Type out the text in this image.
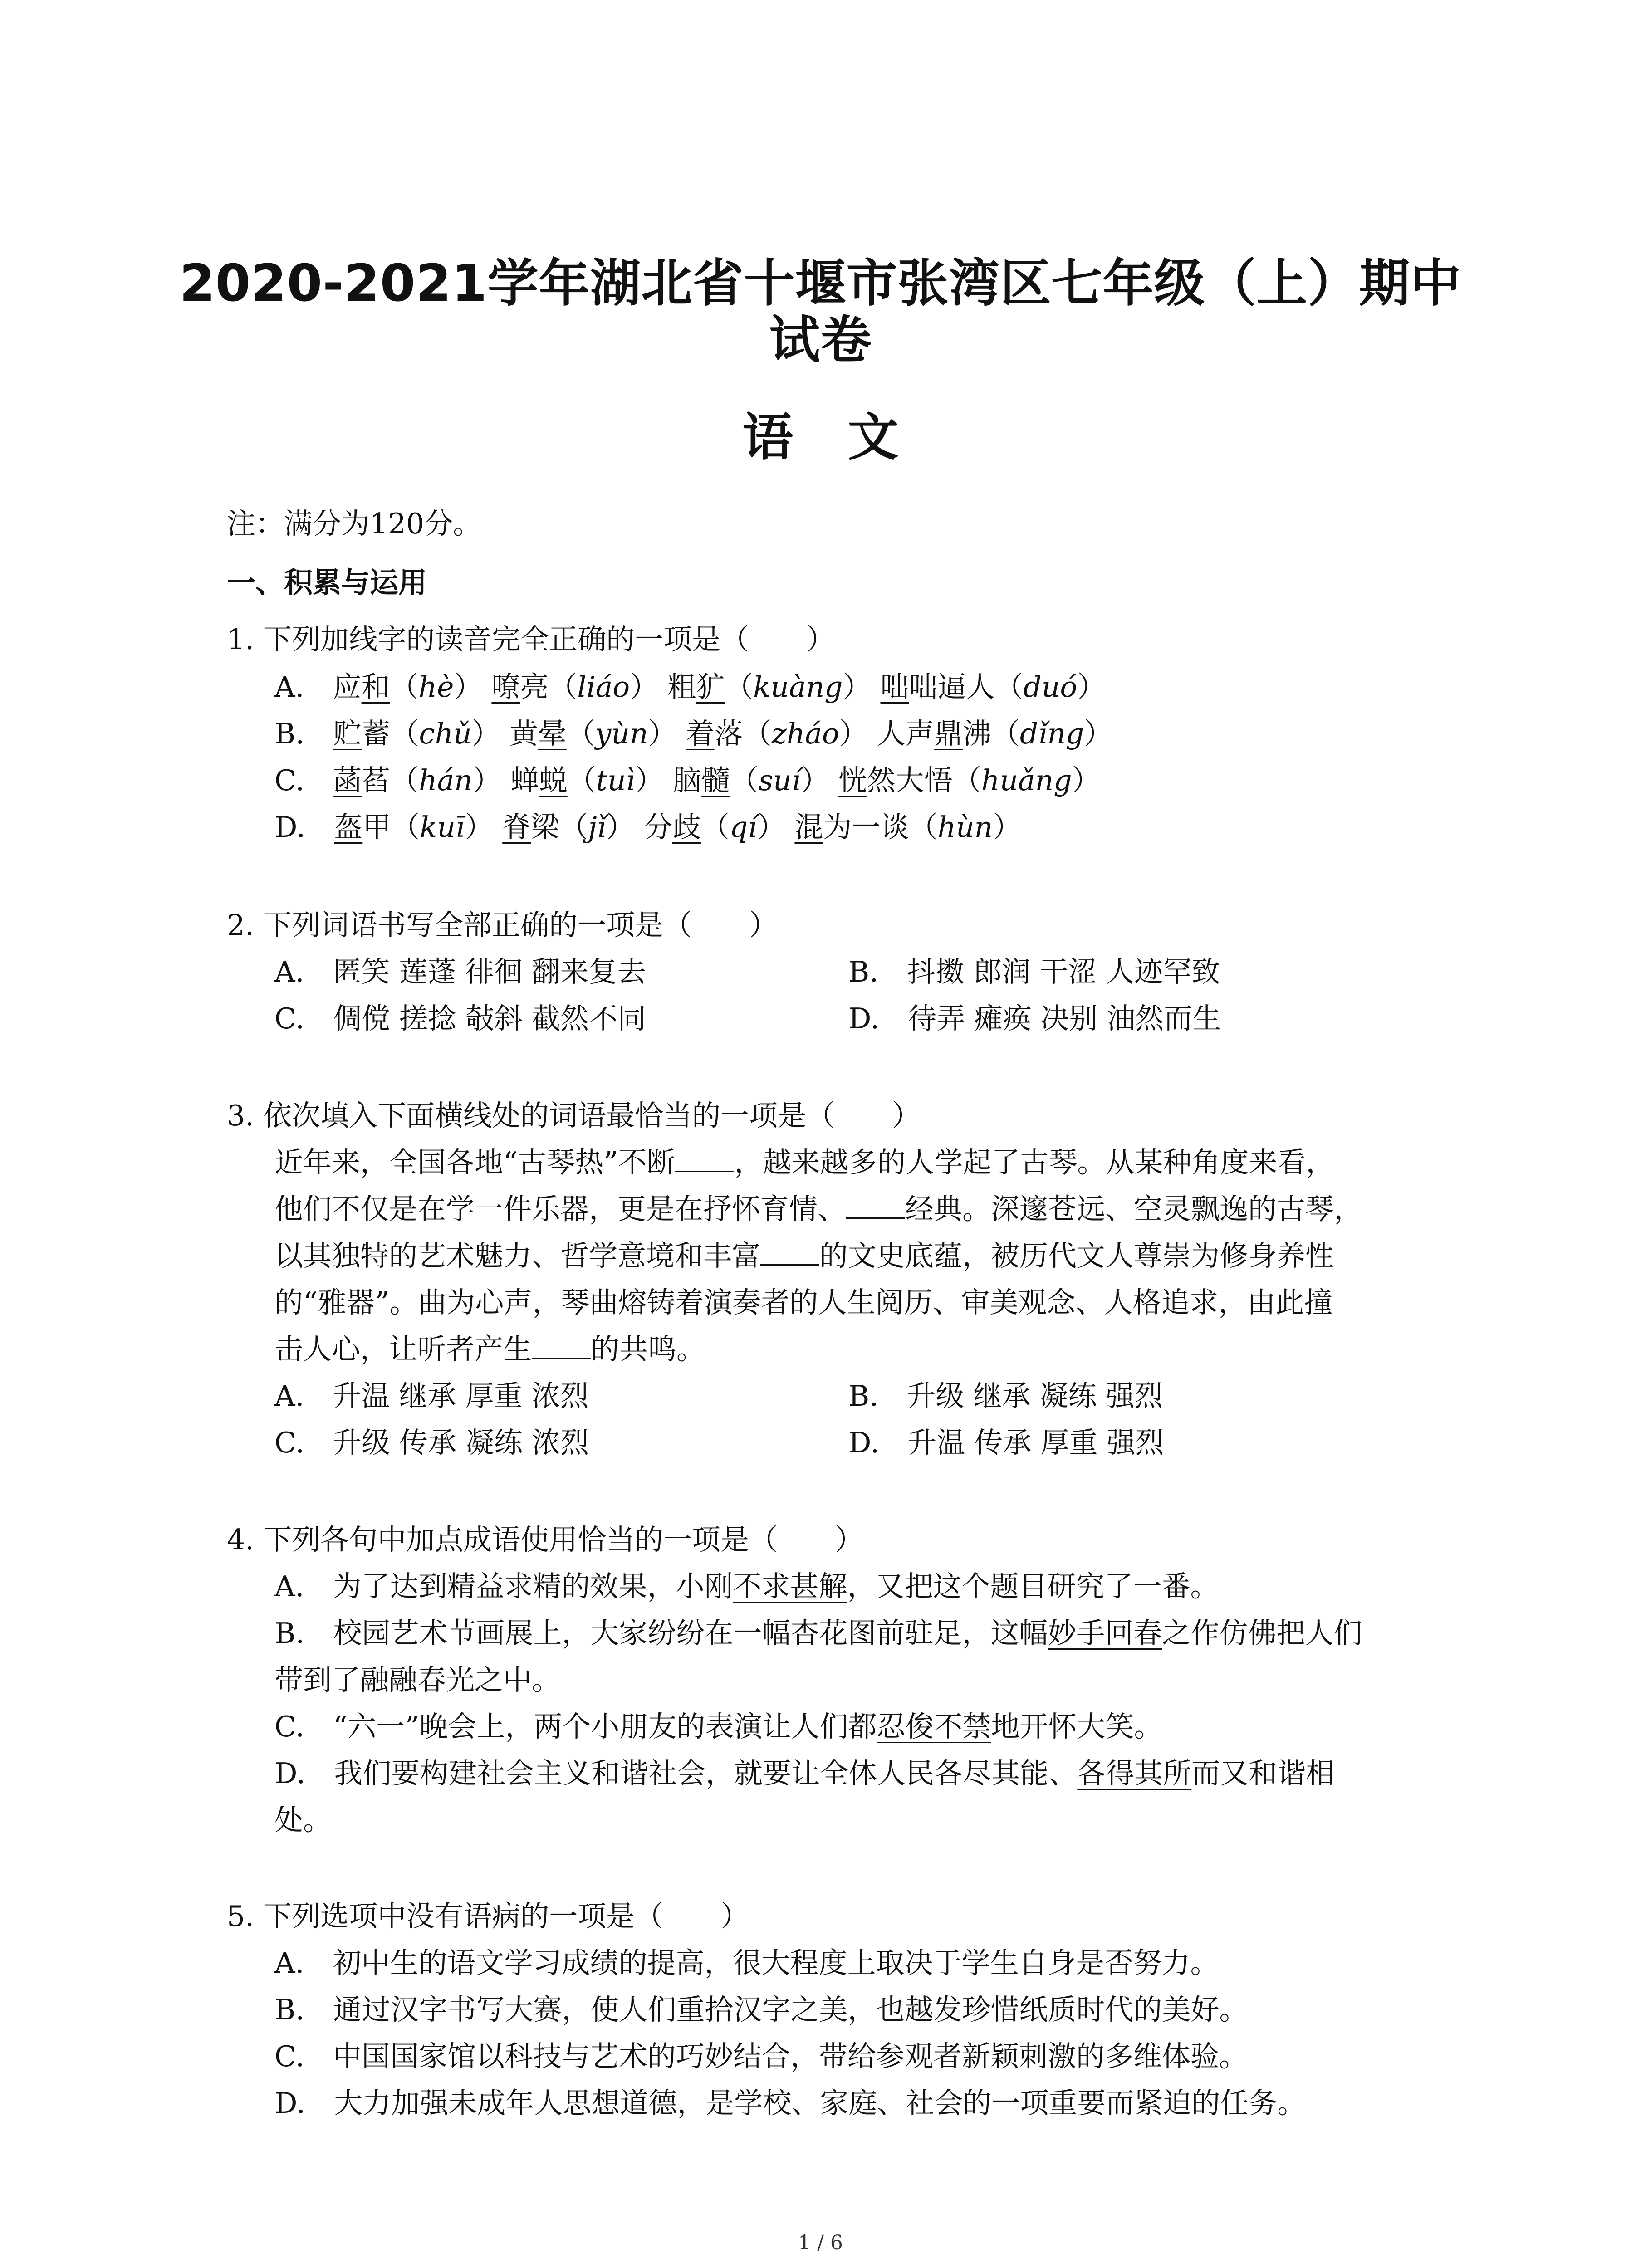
2020-2021学年湖北省十堰市张湾区七年级（上）期中
试卷
语文
注：满分为120分。
一、积累与运用
1. 下列加线字的读音完全正确的一项是（　　）
A.　应和（hè） 嘹亮（liáo） 粗犷（kuàng） 咄咄逼人（duó）
B.　贮蓄（chǔ） 黄晕（yùn） 着落（zháo） 人声鼎沸（dǐng）
C.　菡萏（hán） 蝉蜕（tuì） 脑髓（suí） 恍然大悟（huǎng）
D.　盔甲（kuī） 脊梁（jǐ） 分歧（qí） 混为一谈（hùn）
2. 下列词语书写全部正确的一项是（　　）
A.　匿笑 莲蓬 徘徊 翻来复去	B.　抖擞 郎润 干涩 人迹罕致
C.　倜傥 搓捻 敧斜 截然不同	D.　待弄 瘫痪 决别 油然而生
3. 依次填入下面横线处的词语最恰当的一项是（　　）
近年来，全国各地“古琴热”不断 ，越来越多的人学起了古琴。从某种角度来看，
他们不仅是在学一件乐器，更是在抒怀育情、 经典。深邃苍远、空灵飘逸的古琴，
以其独特的艺术魅力、哲学意境和丰富 的文史底蕴，被历代文人尊崇为修身养性
的“雅器”。曲为心声，琴曲熔铸着演奏者的人生阅历、审美观念、人格追求，由此撞
击人心，让听者产生 的共鸣。
A.　升温 继承 厚重 浓烈	B.　升级 继承 凝练 强烈
C.　升级 传承 凝练 浓烈	D.　升温 传承 厚重 强烈
4. 下列各句中加点成语使用恰当的一项是（　　）
A.　为了达到精益求精的效果，小刚不求甚解，又把这个题目研究了一番。
B.　校园艺术节画展上，大家纷纷在一幅杏花图前驻足，这幅妙手回春之作仿佛把人们
带到了融融春光之中。
C.　“六一”晚会上，两个小朋友的表演让人们都忍俊不禁地开怀大笑。
D.　我们要构建社会主义和谐社会，就要让全体人民各尽其能、各得其所而又和谐相
处。
5. 下列选项中没有语病的一项是（　　）
A.　初中生的语文学习成绩的提高，很大程度上取决于学生自身是否努力。
B.　通过汉字书写大赛，使人们重拾汉字之美，也越发珍惜纸质时代的美好。
C.　中国国家馆以科技与艺术的巧妙结合，带给参观者新颖刺激的多维体验。
D.　大力加强未成年人思想道德，是学校、家庭、社会的一项重要而紧迫的任务。
1 / 6
